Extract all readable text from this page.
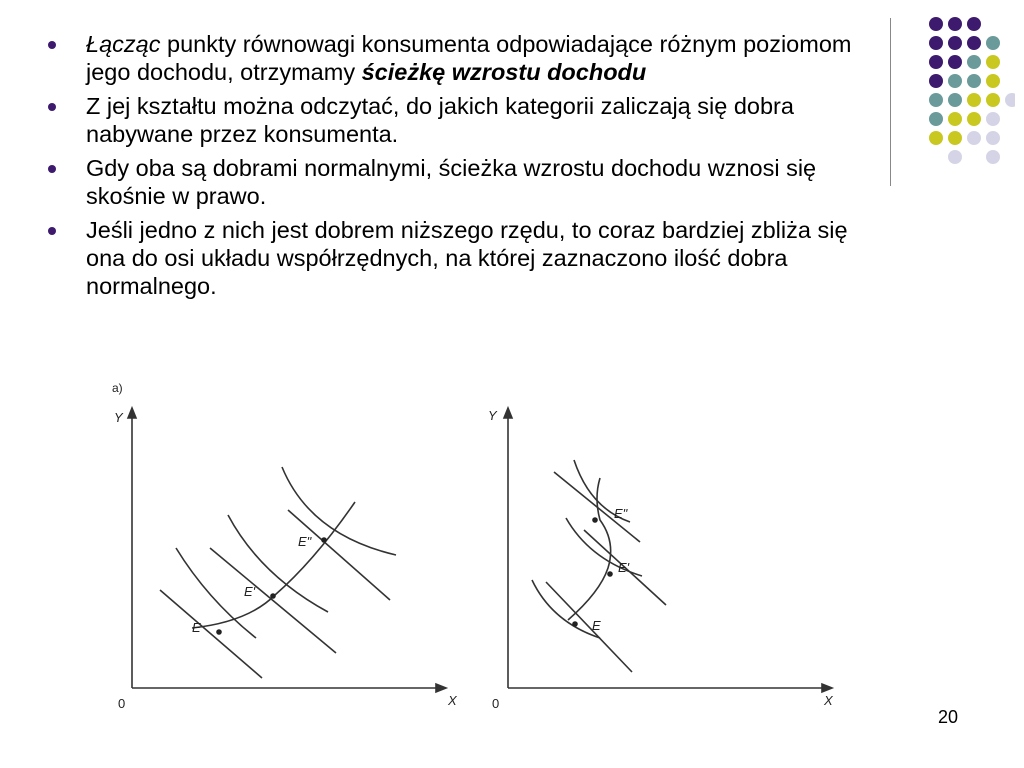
Łącząc punkty równowagi konsumenta odpowiadające różnym poziomom jego dochodu, otrzymamy ścieżkę wzrostu dochodu
Z jej kształtu można odczytać, do jakich kategorii zaliczają się dobra nabywane przez konsumenta.
Gdy oba są dobrami normalnymi, ścieżka wzrostu dochodu wznosi się skośnie w prawo.
Jeśli jedno z nich jest dobrem niższego rzędu, to coraz bardziej zbliża się ona do osi układu współrzędnych, na której zaznaczono ilość dobra normalnego.
a)
Y
X
0
E
E'
E"
Y
X
0
E
E'
E"
20
